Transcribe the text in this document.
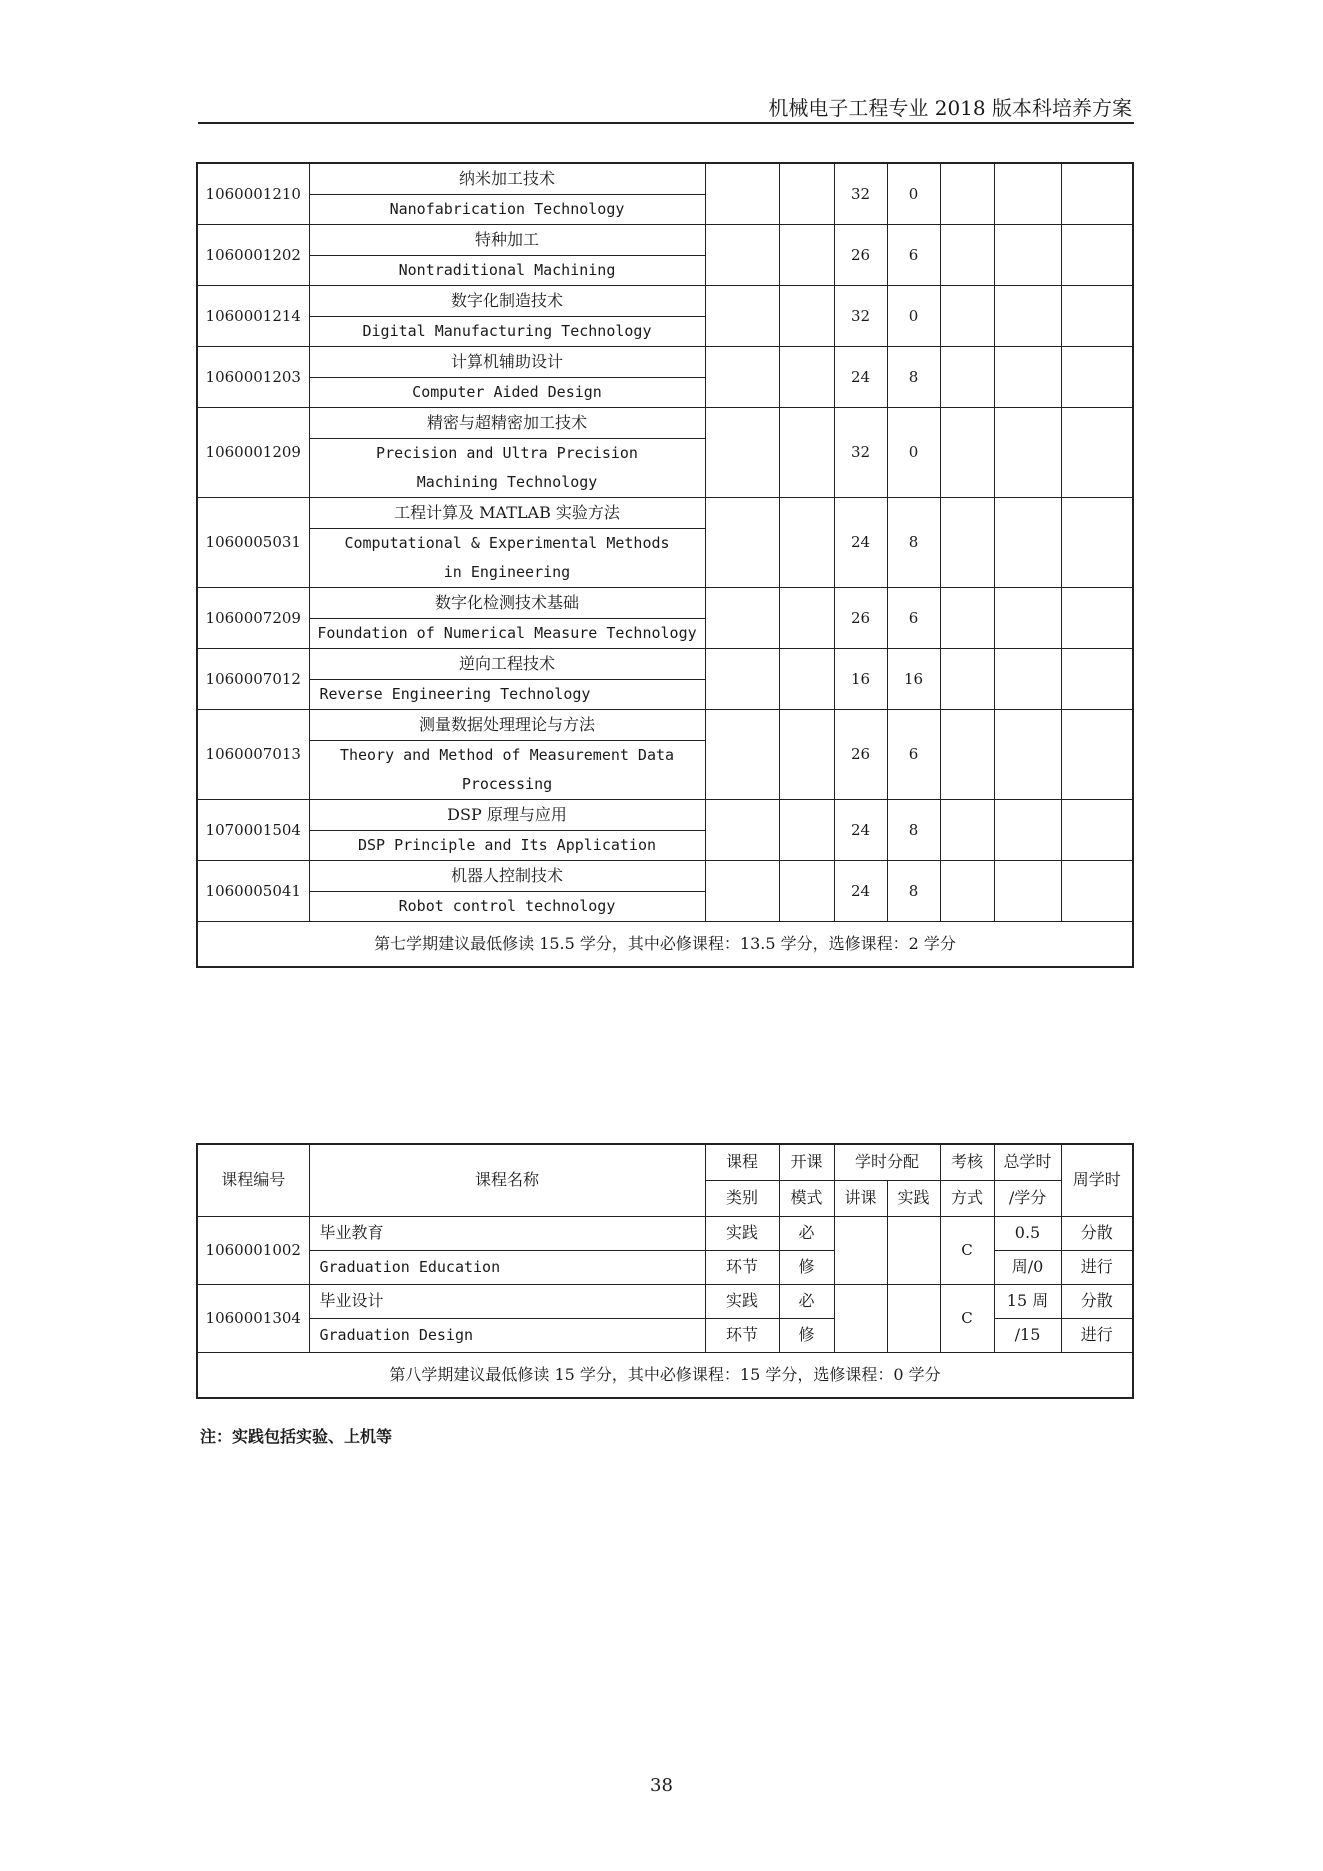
机械电子工程专业 2018 版本科培养方案
1060001210	纳米加工技术			32	0			
	Nanofabrication Technology							
1060001202	特种加工			26	6			
	Nontraditional Machining							
1060001214	数字化制造技术			32	0			
	Digital Manufacturing Technology							
1060001203	计算机辅助设计			24	8			
	Computer Aided Design							
1060001209	精密与超精密加工技术			32	0			
	Precision and Ultra Precision Machining Technology							
1060005031	工程计算及 MATLAB 实验方法			24	8			
	Computational & Experimental Methods in Engineering							
1060007209	数字化检测技术基础			26	6			
	Foundation of Numerical Measure Technology							
1060007012	逆向工程技术			16	16			
	Reverse Engineering Technology							
1060007013	测量数据处理理论与方法			26	6			
	Theory and Method of Measurement Data Processing							
1070001504	DSP 原理与应用			24	8			
	DSP Principle and Its Application							
1060005041	机器人控制技术			24	8			
	Robot control technology							
第七学期建议最低修读 15.5 学分，其中必修课程：13.5 学分，选修课程：2 学分								
课程编号	课程名称	课程	开课	学时分配		考核	总学时	周学时
		类别	模式	讲课	实践	方式	/学分	
1060001002	毕业教育	实践	必			C	0.5	分散
	Graduation Education	环节	修				周/0	进行
1060001304	毕业设计	实践	必			C	15 周	分散
	Graduation Design	环节	修				/15	进行
第八学期建议最低修读 15 学分，其中必修课程：15 学分，选修课程：0 学分								
注：实践包括实验、上机等
38
